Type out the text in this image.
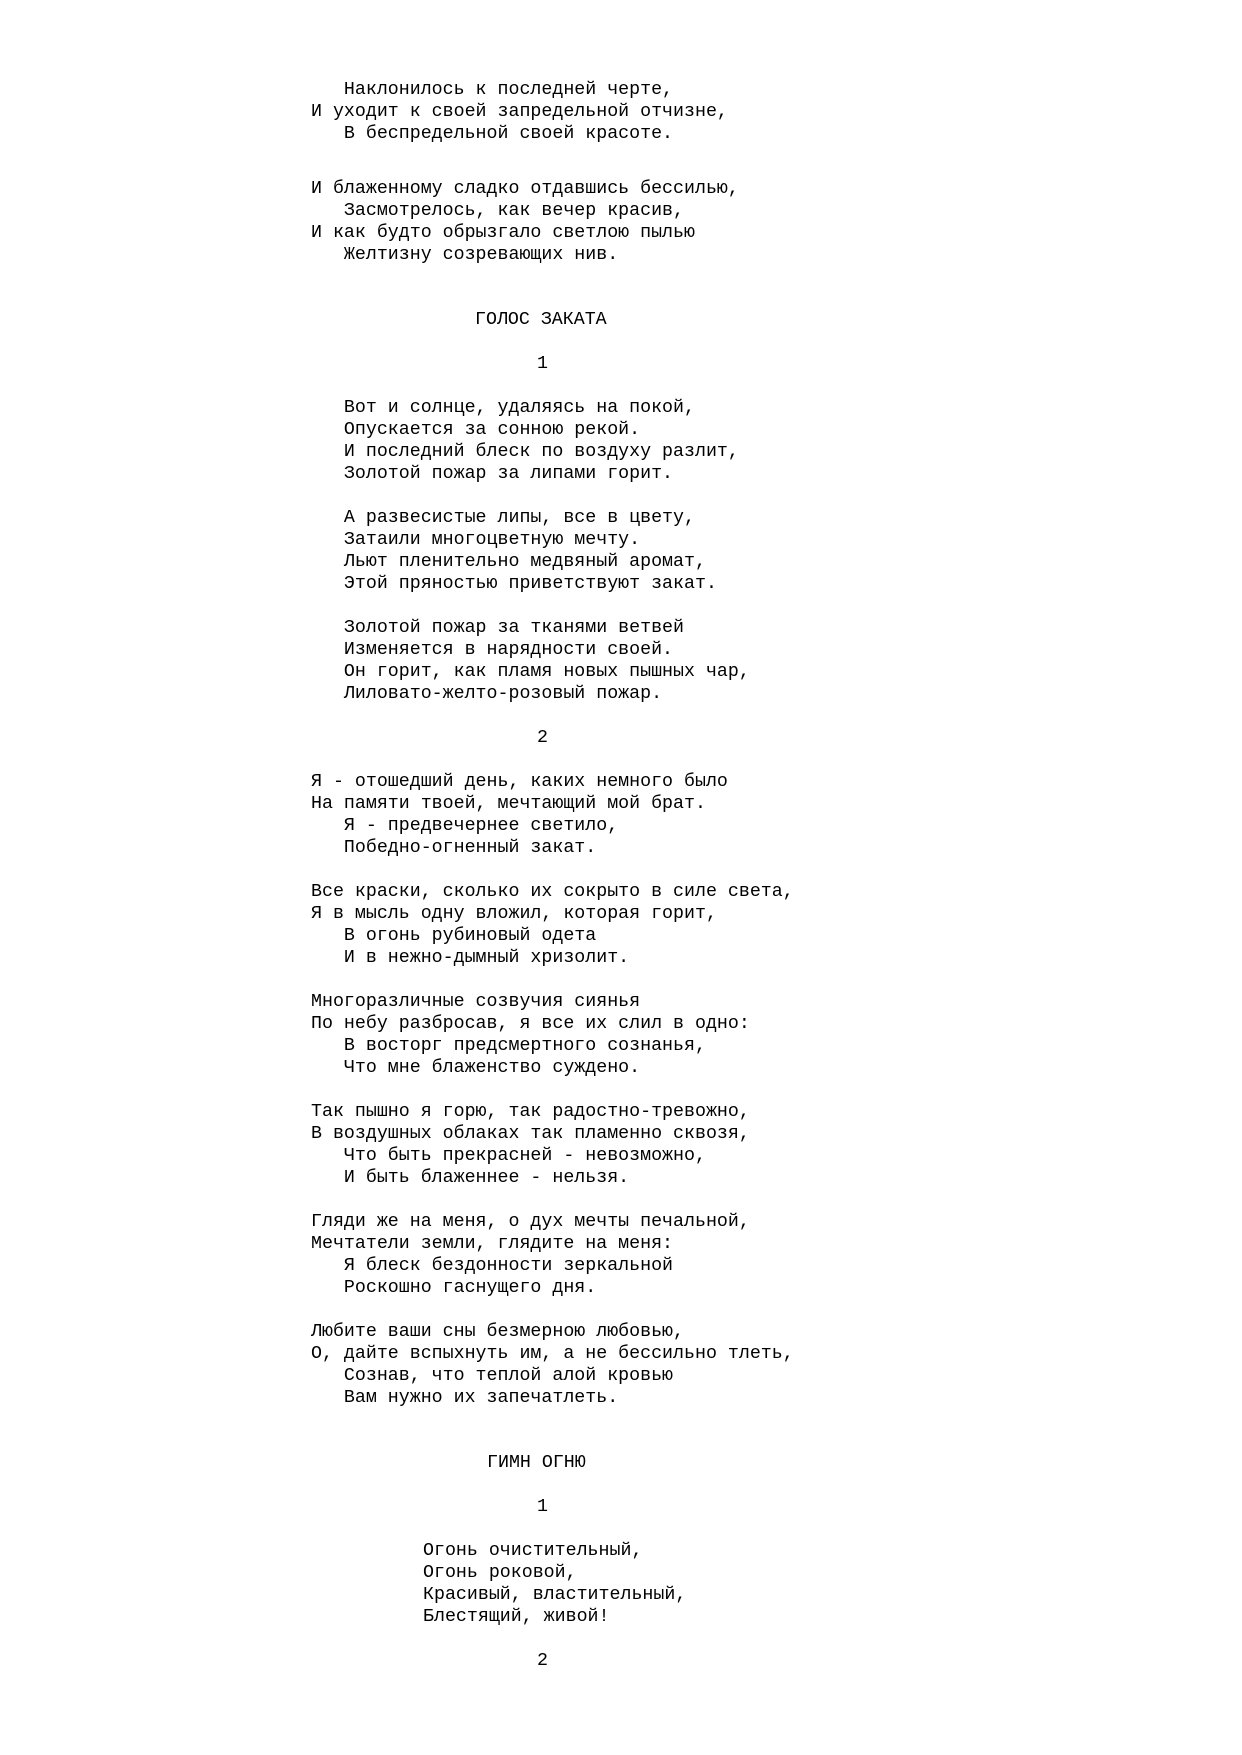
Наклонилось к последней черте,
И уходит к своей запредельной отчизне,
В беспредельной своей красоте.
И блаженному сладко отдавшись бессилью,
Засмотрелось, как вечер красив,
И как будто обрызгало светлою пылью
Желтизну созревающих нив.
ГОЛОС ЗАКАТА
1
Вот и солнце, удаляясь на покой,
Опускается за сонною рекой.
И последний блеск по воздуху разлит,
Золотой пожар за липами горит.
А развесистые липы, все в цвету,
Затаили многоцветную мечту.
Льют пленительно медвяный аромат,
Этой пряностью приветствуют закат.
Золотой пожар за тканями ветвей
Изменяется в нарядности своей.
Он горит, как пламя новых пышных чар,
Лиловато-желто-розовый пожар.
2
Я - отошедший день, каких немного было
На памяти твоей, мечтающий мой брат.
Я - предвечернее светило,
Победно-огненный закат.
Все краски, сколько их сокрыто в силе света,
Я в мысль одну вложил, которая горит,
В огонь рубиновый одета
И в нежно-дымный хризолит.
Многоразличные созвучия сиянья
По небу разбросав, я все их слил в одно:
В восторг предсмертного сознанья,
Что мне блаженство суждено.
Так пышно я горю, так радостно-тревожно,
В воздушных облаках так пламенно сквозя,
Что быть прекрасней - невозможно,
И быть блаженнее - нельзя.
Гляди же на меня, о дух мечты печальной,
Мечтатели земли, глядите на меня:
Я блеск бездонности зеркальной
Роскошно гаснущего дня.
Любите ваши сны безмерною любовью,
О, дайте вспыхнуть им, а не бессильно тлеть,
Сознав, что теплой алой кровью
Вам нужно их запечатлеть.
ГИМН ОГНЮ
1
Огонь очистительный,
Огонь роковой,
Красивый, властительный,
Блестящий, живой!
2
